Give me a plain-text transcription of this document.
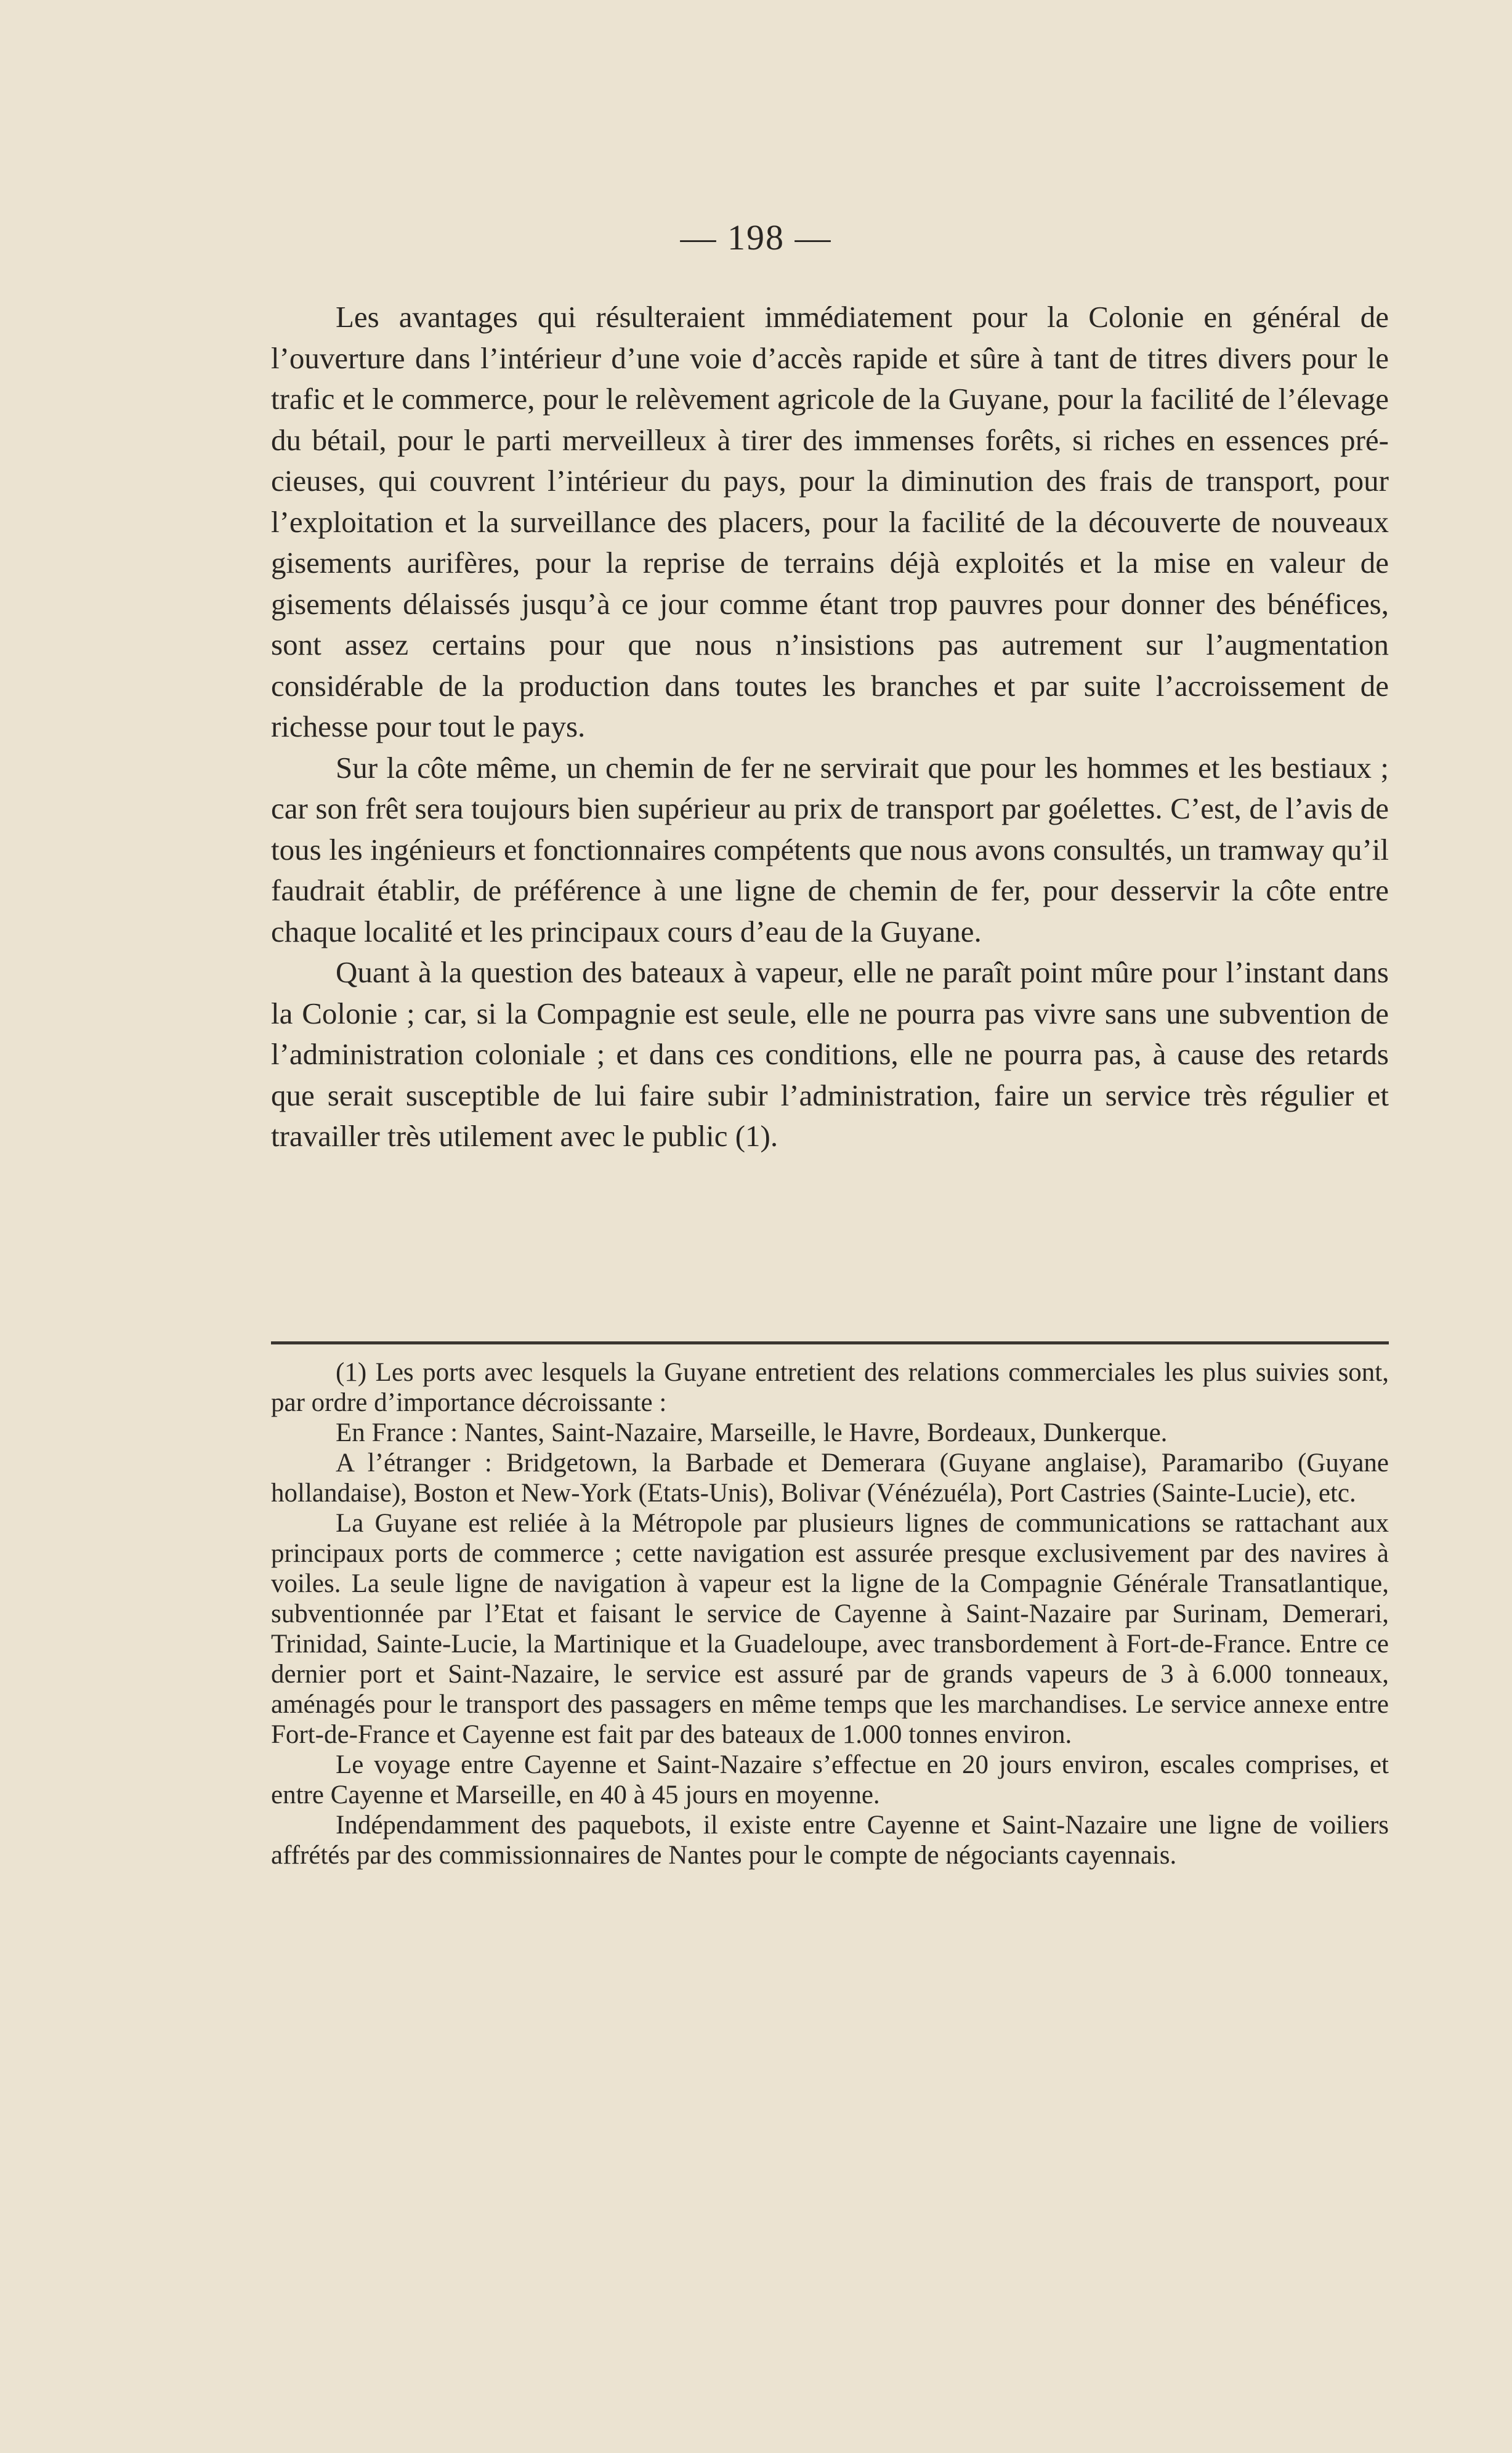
— 198 —

Les avantages qui résulteraient immédiatement pour la Colonie en général de l’ouverture dans l’intérieur d’une voie d’accès rapide et sûre à tant de titres divers pour le trafic et le commerce, pour le relèvement agricole de la Guyane, pour la facilité de l’élevage du bétail, pour le parti merveilleux à tirer des immenses forêts, si riches en essences précieuses, qui couvrent l’intérieur du pays, pour la diminution des frais de transport, pour l’exploitation et la surveillance des placers, pour la facilité de la découverte de nouveaux gisements aurifères, pour la reprise de terrains déjà exploités et la mise en valeur de gisements délaissés jusqu’à ce jour comme étant trop pauvres pour donner des bénéfices, sont assez certains pour que nous n’insistions pas autrement sur l’augmentation considérable de la production dans toutes les branches et par suite l’accroissement de richesse pour tout le pays.

Sur la côte même, un chemin de fer ne servirait que pour les hommes et les bestiaux ; car son frêt sera toujours bien supérieur au prix de transport par goélettes. C’est, de l’avis de tous les ingénieurs et fonctionnaires compétents que nous avons consultés, un tramway qu’il faudrait établir, de préférence à une ligne de chemin de fer, pour desservir la côte entre chaque localité et les principaux cours d’eau de la Guyane.

Quant à la question des bateaux à vapeur, elle ne paraît point mûre pour l’instant dans la Colonie ; car, si la Compagnie est seule, elle ne pourra pas vivre sans une subvention de l’administration coloniale ; et dans ces conditions, elle ne pourra pas, à cause des retards que serait susceptible de lui faire subir l’administration, faire un service très régulier et travailler très utilement avec le public (1).

(1) Les ports avec lesquels la Guyane entretient des relations commerciales les plus suivies sont, par ordre d’importance décroissante :

En France : Nantes, Saint-Nazaire, Marseille, le Havre, Bordeaux, Dunkerque.

A l’étranger : Bridgetown, la Barbade et Demerara (Guyane anglaise), Paramaribo (Guyane hollandaise), Boston et New-York (Etats-Unis), Bolivar (Vénézuéla), Port Castries (Sainte-Lucie), etc.

La Guyane est reliée à la Métropole par plusieurs lignes de communications se rattachant aux principaux ports de commerce ; cette navigation est assurée presque exclusivement par des navires à voiles. La seule ligne de navigation à vapeur est la ligne de la Compagnie Générale Transatlantique, subventionnée par l’Etat et faisant le service de Cayenne à Saint-Nazaire par Surinam, Demerari, Trinidad, Sainte-Lucie, la Martinique et la Guadeloupe, avec transbordement à Fort-de-France. Entre ce dernier port et Saint-Nazaire, le service est assuré par de grands vapeurs de 3 à 6.000 tonneaux, aménagés pour le transport des passagers en même temps que les marchandises. Le service annexe entre Fort-de-France et Cayenne est fait par des bateaux de 1.000 tonnes environ.

Le voyage entre Cayenne et Saint-Nazaire s’effectue en 20 jours environ, escales comprises, et entre Cayenne et Marseille, en 40 à 45 jours en moyenne.

Indépendamment des paquebots, il existe entre Cayenne et Saint-Nazaire une ligne de voiliers affrétés par des commissionnaires de Nantes pour le compte de négociants cayennais.
